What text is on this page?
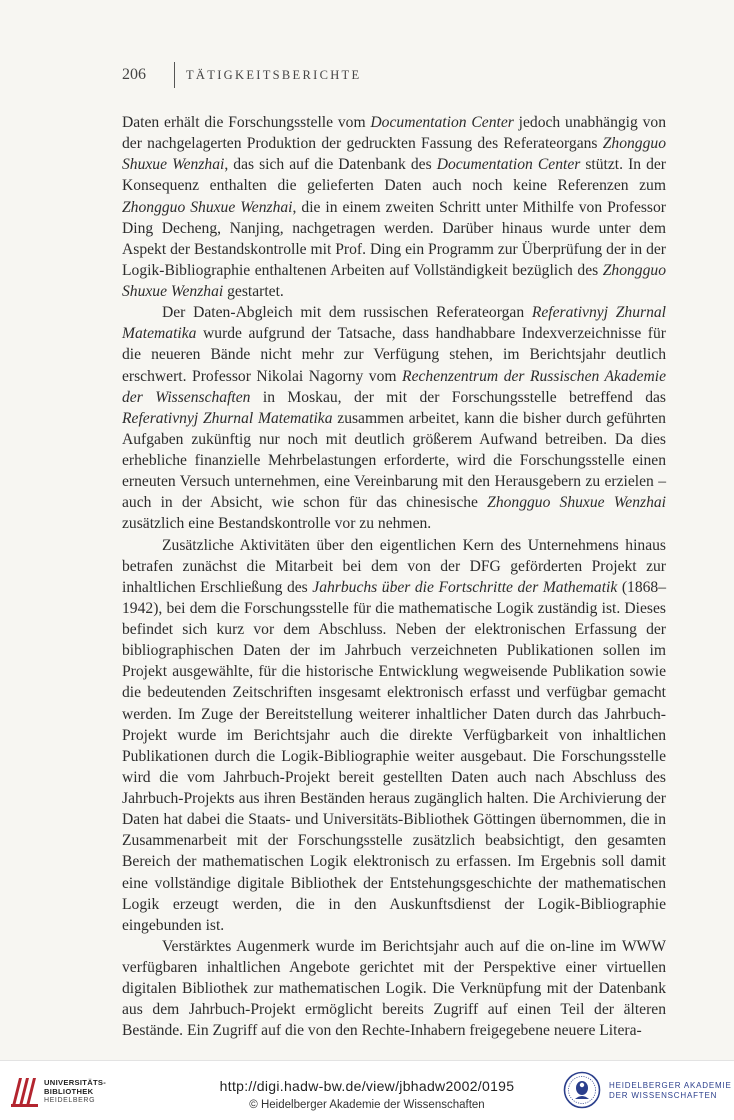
206	TÄTIGKEITSBERICHTE

Daten erhält die Forschungsstelle vom Documentation Center jedoch unabhängig von der nachgelagerten Produktion der gedruckten Fassung des Referateorgans Zhongguo Shuxue Wenzhai, das sich auf die Datenbank des Documentation Center stützt. In der Konsequenz enthalten die gelieferten Daten auch noch keine Referenzen zum Zhongguo Shuxue Wenzhai, die in einem zweiten Schritt unter Mithilfe von Professor Ding Decheng, Nanjing, nachgetragen werden. Darüber hinaus wurde unter dem Aspekt der Bestandskontrolle mit Prof. Ding ein Programm zur Überprüfung der in der Logik-Bibliographie enthaltenen Arbeiten auf Vollständigkeit bezüglich des Zhongguo Shuxue Wenzhai gestartet.

Der Daten-Abgleich mit dem russischen Referateorgan Referativnyj Zhurnal Matematika wurde aufgrund der Tatsache, dass handhabbare Indexverzeichnisse für die neueren Bände nicht mehr zur Verfügung stehen, im Berichtsjahr deutlich erschwert. Professor Nikolai Nagorny vom Rechenzentrum der Russischen Akademie der Wissenschaften in Moskau, der mit der Forschungsstelle betreffend das Referativnyj Zhurnal Matematika zusammen arbeitet, kann die bisher durch geführten Aufgaben zukünftig nur noch mit deutlich größerem Aufwand betreiben. Da dies erhebliche finanzielle Mehrbelastungen erforderte, wird die Forschungsstelle einen erneuten Versuch unternehmen, eine Vereinbarung mit den Herausgebern zu erzielen – auch in der Absicht, wie schon für das chinesische Zhongguo Shuxue Wenzhai zusätzlich eine Bestandskontrolle vor zu nehmen.

Zusätzliche Aktivitäten über den eigentlichen Kern des Unternehmens hinaus betrafen zunächst die Mitarbeit bei dem von der DFG geförderten Projekt zur inhaltlichen Erschließung des Jahrbuchs über die Fortschritte der Mathematik (1868–1942), bei dem die Forschungsstelle für die mathematische Logik zuständig ist. Dieses befindet sich kurz vor dem Abschluss. Neben der elektronischen Erfassung der bibliographischen Daten der im Jahrbuch verzeichneten Publikationen sollen im Projekt ausgewählte, für die historische Entwicklung wegweisende Publikation sowie die bedeutenden Zeitschriften insgesamt elektronisch erfasst und verfügbar gemacht werden. Im Zuge der Bereitstellung weiterer inhaltlicher Daten durch das Jahrbuch-Projekt wurde im Berichtsjahr auch die direkte Verfügbarkeit von inhaltlichen Publikationen durch die Logik-Bibliographie weiter ausgebaut. Die Forschungsstelle wird die vom Jahrbuch-Projekt bereit gestellten Daten auch nach Abschluss des Jahrbuch-Projekts aus ihren Beständen heraus zugänglich halten. Die Archivierung der Daten hat dabei die Staats- und Universitäts-Bibliothek Göttingen übernommen, die in Zusammenarbeit mit der Forschungsstelle zusätzlich beabsichtigt, den gesamten Bereich der mathematischen Logik elektronisch zu erfassen. Im Ergebnis soll damit eine vollständige digitale Bibliothek der Entstehungsgeschichte der mathematischen Logik erzeugt werden, die in den Auskunftsdienst der Logik-Bibliographie eingebunden ist.

Verstärktes Augenmerk wurde im Berichtsjahr auch auf die on-line im WWW verfügbaren inhaltlichen Angebote gerichtet mit der Perspektive einer virtuellen digitalen Bibliothek zur mathematischen Logik. Die Verknüpfung mit der Datenbank aus dem Jahrbuch-Projekt ermöglicht bereits Zugriff auf einen Teil der älteren Bestände. Ein Zugriff auf die von den Rechte-Inhabern freigegebene neuere Litera-

UNIVERSITÄTS-
BIBLIOTHEK
HEIDELBERG
http://digi.hadw-bw.de/view/jbhadw2002/0195
© Heidelberger Akademie der Wissenschaften
HEIDELBERGER AKADEMIE
DER WISSENSCHAFTEN
